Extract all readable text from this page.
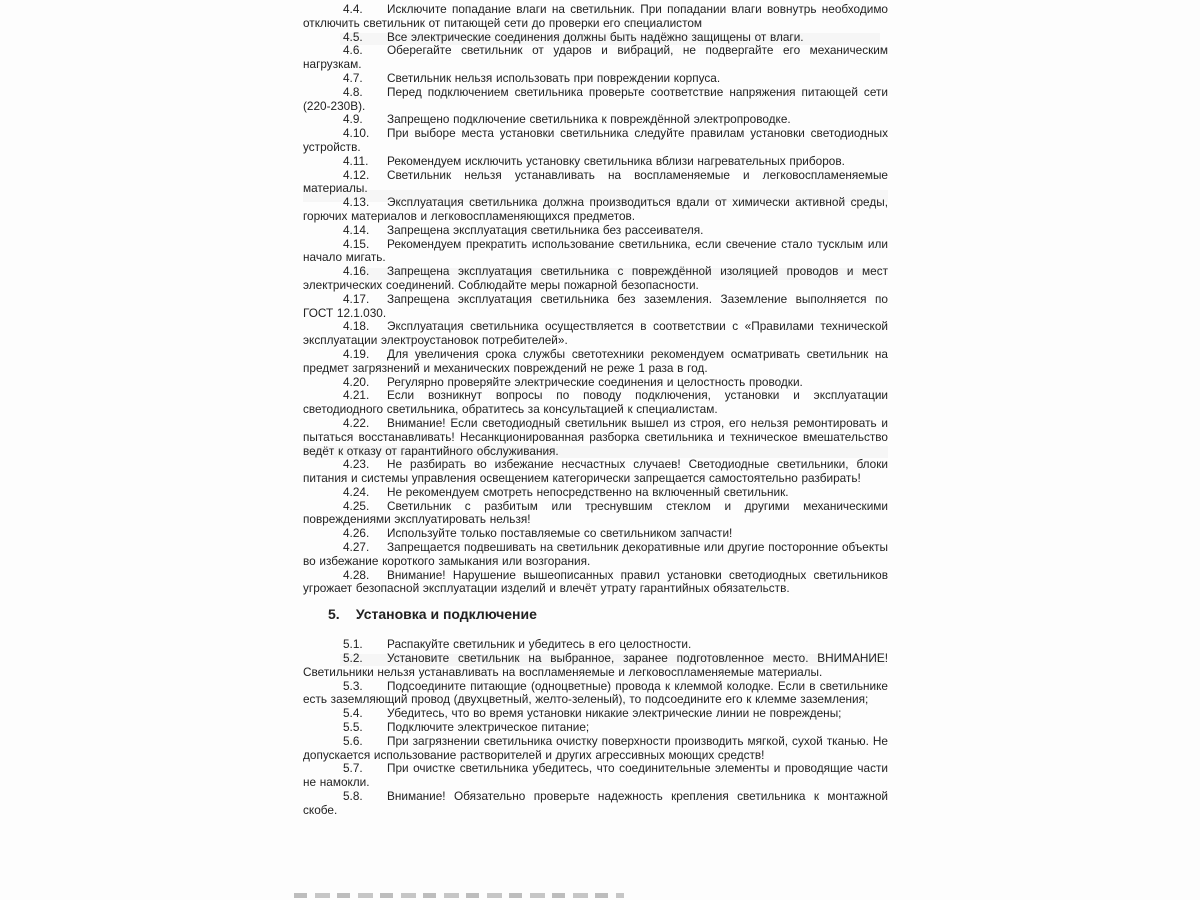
4.4. Исключите попадание влаги на светильник. При попадании влаги вовнутрь необходимо отключить светильник от питающей сети до проверки его специалистом

4.5. Все электрические соединения должны быть надёжно защищены от влаги.

4.6. Оберегайте светильник от ударов и вибраций, не подвергайте его механическим нагрузкам.

4.7. Светильник нельзя использовать при повреждении корпуса.

4.8. Перед подключением светильника проверьте соответствие напряжения питающей сети (220-230В).

4.9. Запрещено подключение светильника к повреждённой электропроводке.

4.10. При выборе места установки светильника следуйте правилам установки светодиодных устройств.

4.11. Рекомендуем исключить установку светильника вблизи нагревательных приборов.

4.12. Светильник нельзя устанавливать на воспламеняемые и легковоспламеняемые материалы.

4.13. Эксплуатация светильника должна производиться вдали от химически активной среды, горючих материалов и легковоспламеняющихся предметов.

4.14. Запрещена эксплуатация светильника без рассеивателя.

4.15. Рекомендуем прекратить использование светильника, если свечение стало тусклым или начало мигать.

4.16. Запрещена эксплуатация светильника с повреждённой изоляцией проводов и мест электрических соединений. Соблюдайте меры пожарной безопасности.

4.17. Запрещена эксплуатация светильника без заземления. Заземление выполняется по ГОСТ 12.1.030.

4.18. Эксплуатация светильника осуществляется в соответствии с «Правилами технической эксплуатации электроустановок потребителей».

4.19. Для увеличения срока службы светотехники рекомендуем осматривать светильник на предмет загрязнений и механических повреждений не реже 1 раза в год.

4.20. Регулярно проверяйте электрические соединения и целостность проводки.

4.21. Если возникнут вопросы по поводу подключения, установки и эксплуатации светодиодного светильника, обратитесь за консультацией к специалистам.

4.22. Внимание! Если светодиодный светильник вышел из строя, его нельзя ремонтировать и пытаться восстанавливать! Несанкционированная разборка светильника и техническое вмешательство ведёт к отказу от гарантийного обслуживания.

4.23. Не разбирать во избежание несчастных случаев! Светодиодные светильники, блоки питания и системы управления освещением категорически запрещается самостоятельно разбирать!

4.24. Не рекомендуем смотреть непосредственно на включенный светильник.

4.25. Светильник с разбитым или треснувшим стеклом и другими механическими повреждениями эксплуатировать нельзя!

4.26. Используйте только поставляемые со светильником запчасти!

4.27. Запрещается подвешивать на светильник декоративные или другие посторонние объекты во избежание короткого замыкания или возгорания.

4.28. Внимание! Нарушение вышеописанных правил установки светодиодных светильников угрожает безопасной эксплуатации изделий и влечёт утрату гарантийных обязательств.

5. Установка и подключение

5.1. Распакуйте светильник и убедитесь в его целостности.

5.2. Установите светильник на выбранное, заранее подготовленное место. ВНИМАНИЕ! Светильники нельзя устанавливать на воспламеняемые и легковоспламеняемые материалы.

5.3. Подсоедините питающие (одноцветные) провода к клеммой колодке. Если в светильнике есть заземляющий провод (двухцветный, желто-зеленый), то подсоедините его к клемме заземления;

5.4. Убедитесь, что во время установки никакие электрические линии не повреждены;

5.5. Подключите электрическое питание;

5.6. При загрязнении светильника очистку поверхности производить мягкой, сухой тканью. Не допускается использование растворителей и других агрессивных моющих средств!

5.7. При очистке светильника убедитесь, что соединительные элементы и проводящие части не намокли.

5.8. Внимание! Обязательно проверьте надежность крепления светильника к монтажной скобе.
